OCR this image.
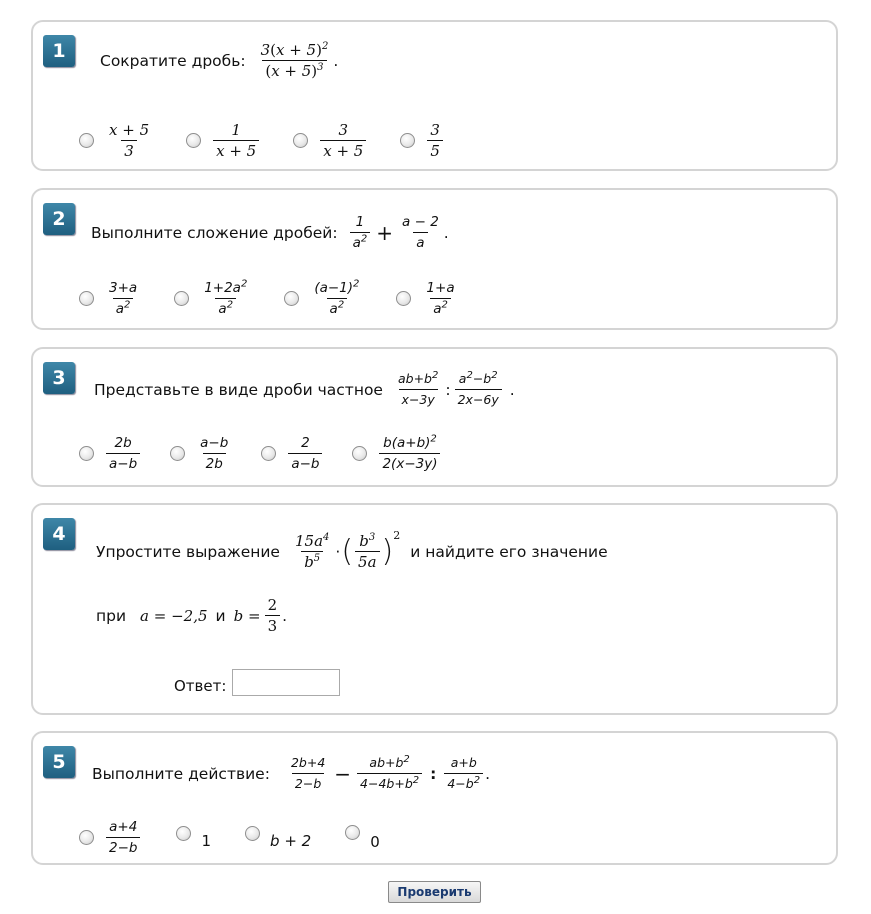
1	Сократите дробь: $\frac{3(x + 5)^2}{(x + 5)^3}$ .
$\frac{x + 5}{3}$	$\frac{1}{x + 5}$	$\frac{3}{x + 5}$	$\frac{3}{5}$
2
Выполните сложение дробей: $\frac{1}{a^2} + \frac{a - 2}{a}$ .
$\frac{3+a}{a^2}$	$\frac{1+2a^2}{a^2}$	$\frac{(a-1)^2}{a^2}$	$\frac{1+a}{a^2}$
3
Представьте в виде дроби частное $\frac{ab+b^2}{x-3y}$ : $\frac{a^2-b^2}{2x-6y}$ .
$\frac{2b}{a-b}$	$\frac{a-b}{2b}$	$\frac{2}{a-b}$	$\frac{b(a+b)^2}{2(x-3y)}$
4
Упростите выражение $\frac{15a^4}{b^5}$ · ( $\frac{b^3}{5a}$ ) 2
и найдите его значение
при a = −2,5 и $b = \frac{2}{3}$ .
Ответ:
5
Выполните действие: $\frac{2b+4}{2-b} - \frac{ab+b^2}{4-4b+b^2}$ : $\frac{a+b}{4-b^2}$ .
$\frac{a+4}{2-b}$	1	b + 2	0
Проверить
